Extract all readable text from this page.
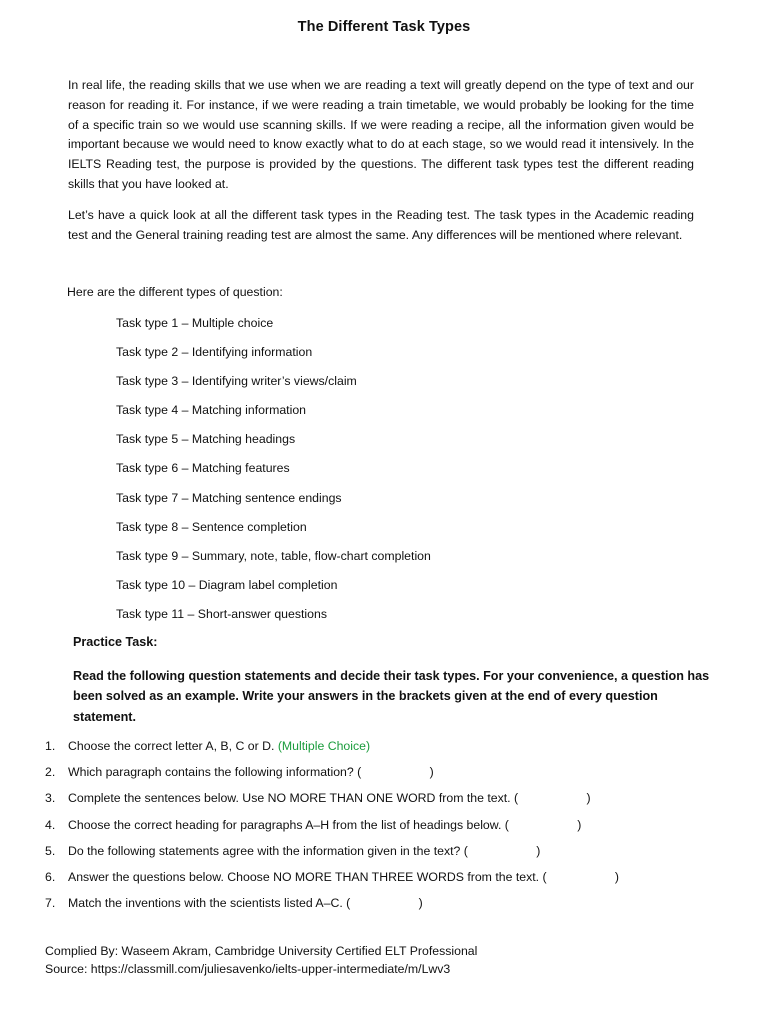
The Different Task Types
In real life, the reading skills that we use when we are reading a text will greatly depend on the type of text and our reason for reading it. For instance, if we were reading a train timetable, we would probably be looking for the time of a specific train so we would use scanning skills. If we were reading a recipe, all the information given would be important because we would need to know exactly what to do at each stage, so we would read it intensively. In the IELTS Reading test, the purpose is provided by the questions. The different task types test the different reading skills that you have looked at.
Let’s have a quick look at all the different task types in the Reading test. The task types in the Academic reading test and the General training reading test are almost the same. Any differences will be mentioned where relevant.
Here are the different types of question:
Task type 1 – Multiple choice
Task type 2 – Identifying information
Task type 3 – Identifying writer’s views/claim
Task type 4 – Matching information
Task type 5 – Matching headings
Task type 6 – Matching features
Task type 7 – Matching sentence endings
Task type 8 – Sentence completion
Task type 9 – Summary, note, table, flow-chart completion
Task type 10 – Diagram label completion
Task type 11 – Short-answer questions
Practice Task:
Read the following question statements and decide their task types. For your convenience, a question has been solved as an example. Write your answers in the brackets given at the end of every question statement.
1. Choose the correct letter A, B, C or D. (Multiple Choice)
2. Which paragraph contains the following information? (                    )
3. Complete the sentences below. Use NO MORE THAN ONE WORD from the text. (                    )
4. Choose the correct heading for paragraphs A–H from the list of headings below. (                    )
5. Do the following statements agree with the information given in the text? (                    )
6. Answer the questions below. Choose NO MORE THAN THREE WORDS from the text. (                    )
7. Match the inventions with the scientists listed A–C. (                    )
Complied By: Waseem Akram, Cambridge University Certified ELT Professional
Source: https://classmill.com/juliesavenko/ielts-upper-intermediate/m/Lwv3
